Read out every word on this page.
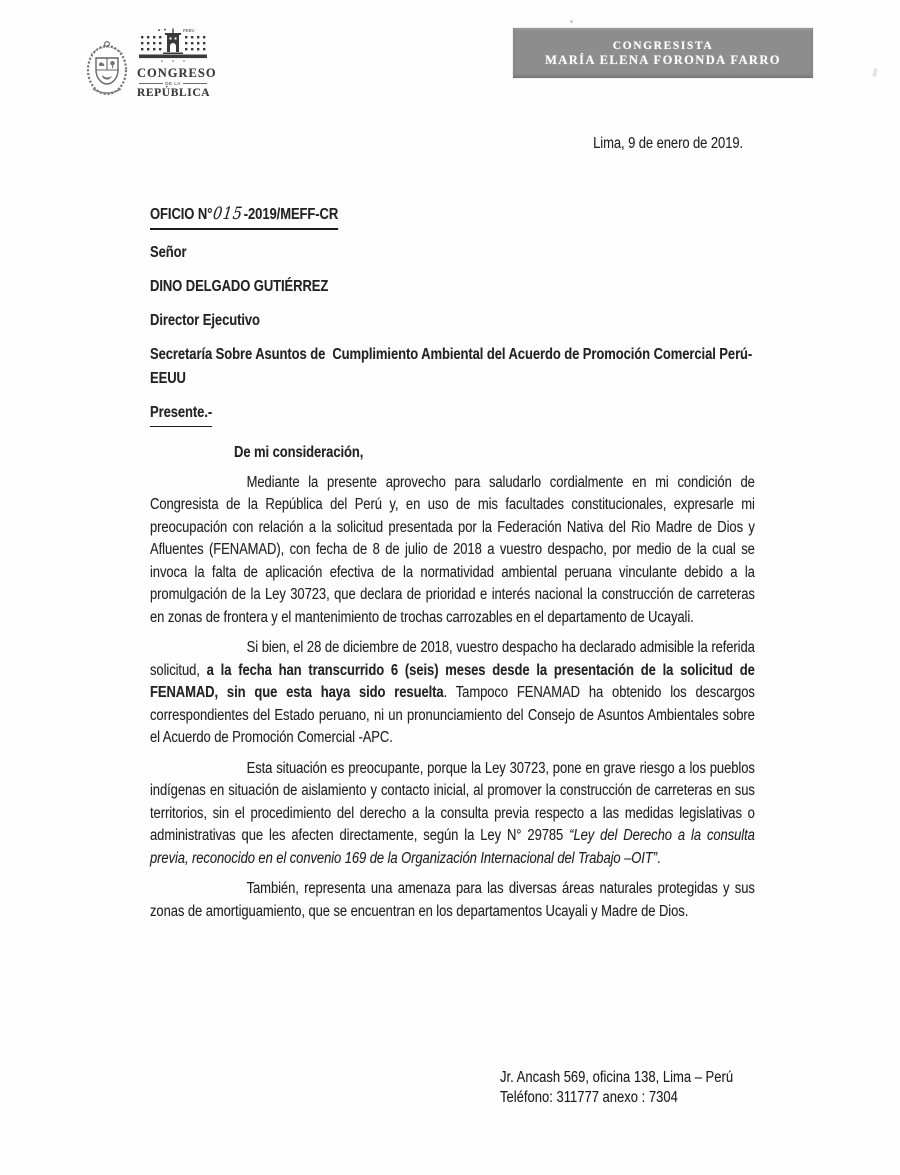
PERU
CONGRESO
DE LA
REPÚBLICA
CONGRESISTA
MARÍA ELENA FORONDA FARRO
Lima, 9 de enero de 2019.
OFICIO N°015-2019/MEFF-CR
Señor
DINO DELGADO GUTIÉRREZ
Director Ejecutivo
Secretaría Sobre Asuntos de  Cumplimiento Ambiental del Acuerdo de Promoción Comercial Perú-EEUU
Presente.-
De mi consideración,

Mediante la presente aprovecho para saludarlo cordialmente en mi condición de Congresista de la República del Perú y, en uso de mis facultades constitucionales, expresarle mi preocupación con relación a la solicitud presentada por la Federación Nativa del Rio Madre de Dios y Afluentes (FENAMAD), con fecha de 8 de julio de 2018 a vuestro despacho, por medio de la cual se invoca la falta de aplicación efectiva de la normatividad ambiental peruana vinculante debido a la promulgación de la Ley 30723, que declara de prioridad e interés nacional la construcción de carreteras en zonas de frontera y el mantenimiento de trochas carrozables en el departamento de Ucayali.

Si bien, el 28 de diciembre de 2018, vuestro despacho ha declarado admisible la referida solicitud, a la fecha han transcurrido 6 (seis) meses desde la presentación de la solicitud de FENAMAD, sin que esta haya sido resuelta. Tampoco FENAMAD ha obtenido los descargos correspondientes del Estado peruano, ni un pronunciamiento del Consejo de Asuntos Ambientales sobre el Acuerdo de Promoción Comercial -APC.

Esta situación es preocupante, porque la Ley 30723, pone en grave riesgo a los pueblos indígenas en situación de aislamiento y contacto inicial, al promover la construcción de carreteras en sus territorios, sin el procedimiento del derecho a la consulta previa respecto a las medidas legislativas o administrativas que les afecten directamente, según la Ley N° 29785 “Ley del Derecho a la consulta previa, reconocido en el convenio 169 de la Organización Internacional del Trabajo –OIT”.

También, representa una amenaza para las diversas áreas naturales protegidas y sus zonas de amortiguamiento, que se encuentran en los departamentos Ucayali y Madre de Dios.

Jr. Ancash 569, oficina 138, Lima – Perú
Teléfono: 311777 anexo : 7304
